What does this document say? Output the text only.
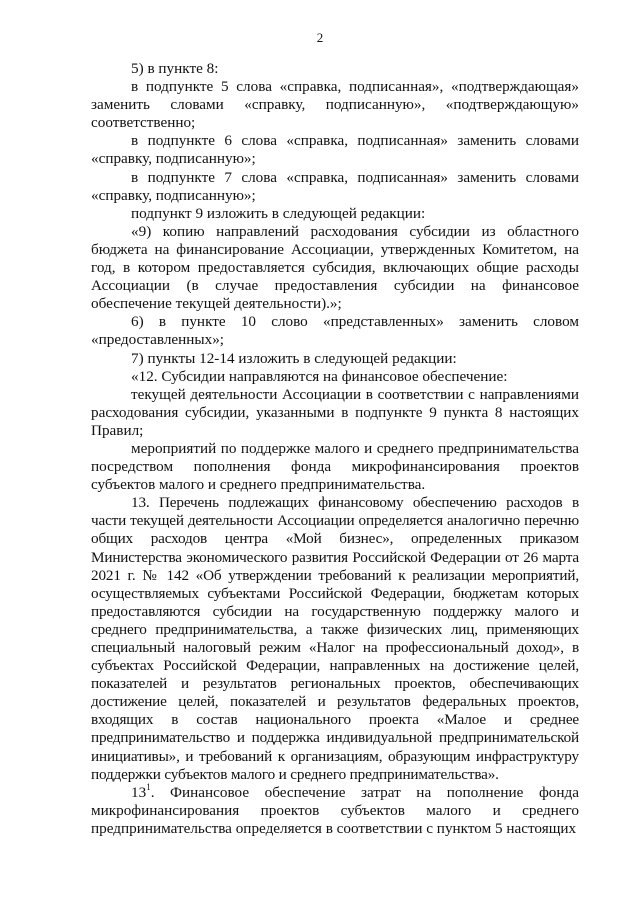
2

5) в пункте 8:

в подпункте 5 слова «справка, подписанная», «подтверждающая» заменить словами «справку, подписанную», «подтверждающую» соответственно;

в подпункте 6 слова «справка, подписанная» заменить словами «справку, подписанную»;

в подпункте 7 слова «справка, подписанная» заменить словами «справку, подписанную»;

подпункт 9 изложить в следующей редакции:

«9) копию направлений расходования субсидии из областного бюджета на финансирование Ассоциации, утвержденных Комитетом, на год, в котором предоставляется субсидия, включающих общие расходы Ассоциации (в случае предоставления субсидии на финансовое обеспечение текущей деятельности).»;

6) в пункте 10 слово «представленных» заменить словом «предоставленных»;

7) пункты 12-14 изложить в следующей редакции:

«12. Субсидии направляются на финансовое обеспечение:

текущей деятельности Ассоциации в соответствии с направлениями расходования субсидии, указанными в подпункте 9 пункта 8 настоящих Правил;

мероприятий по поддержке малого и среднего предпринимательства посредством пополнения фонда микрофинансирования проектов субъектов малого и среднего предпринимательства.

13. Перечень подлежащих финансовому обеспечению расходов в части текущей деятельности Ассоциации определяется аналогично перечню общих расходов центра «Мой бизнес», определенных приказом Министерства экономического развития Российской Федерации от 26 марта 2021 г. № 142 «Об утверждении требований к реализации мероприятий, осуществляемых субъектами Российской Федерации, бюджетам которых предоставляются субсидии на государственную поддержку малого и среднего предпринимательства, а также физических лиц, применяющих специальный налоговый режим «Налог на профессиональный доход», в субъектах Российской Федерации, направленных на достижение целей, показателей и результатов региональных проектов, обеспечивающих достижение целей, показателей и результатов федеральных проектов, входящих в состав национального проекта «Малое и среднее предпринимательство и поддержка индивидуальной предпринимательской инициативы», и требований к организациям, образующим инфраструктуру поддержки субъектов малого и среднего предпринимательства».

$13^1$. Финансовое обеспечение затрат на пополнение фонда микрофинансирования проектов субъектов малого и среднего предпринимательства определяется в соответствии с пунктом 5 настоящих
